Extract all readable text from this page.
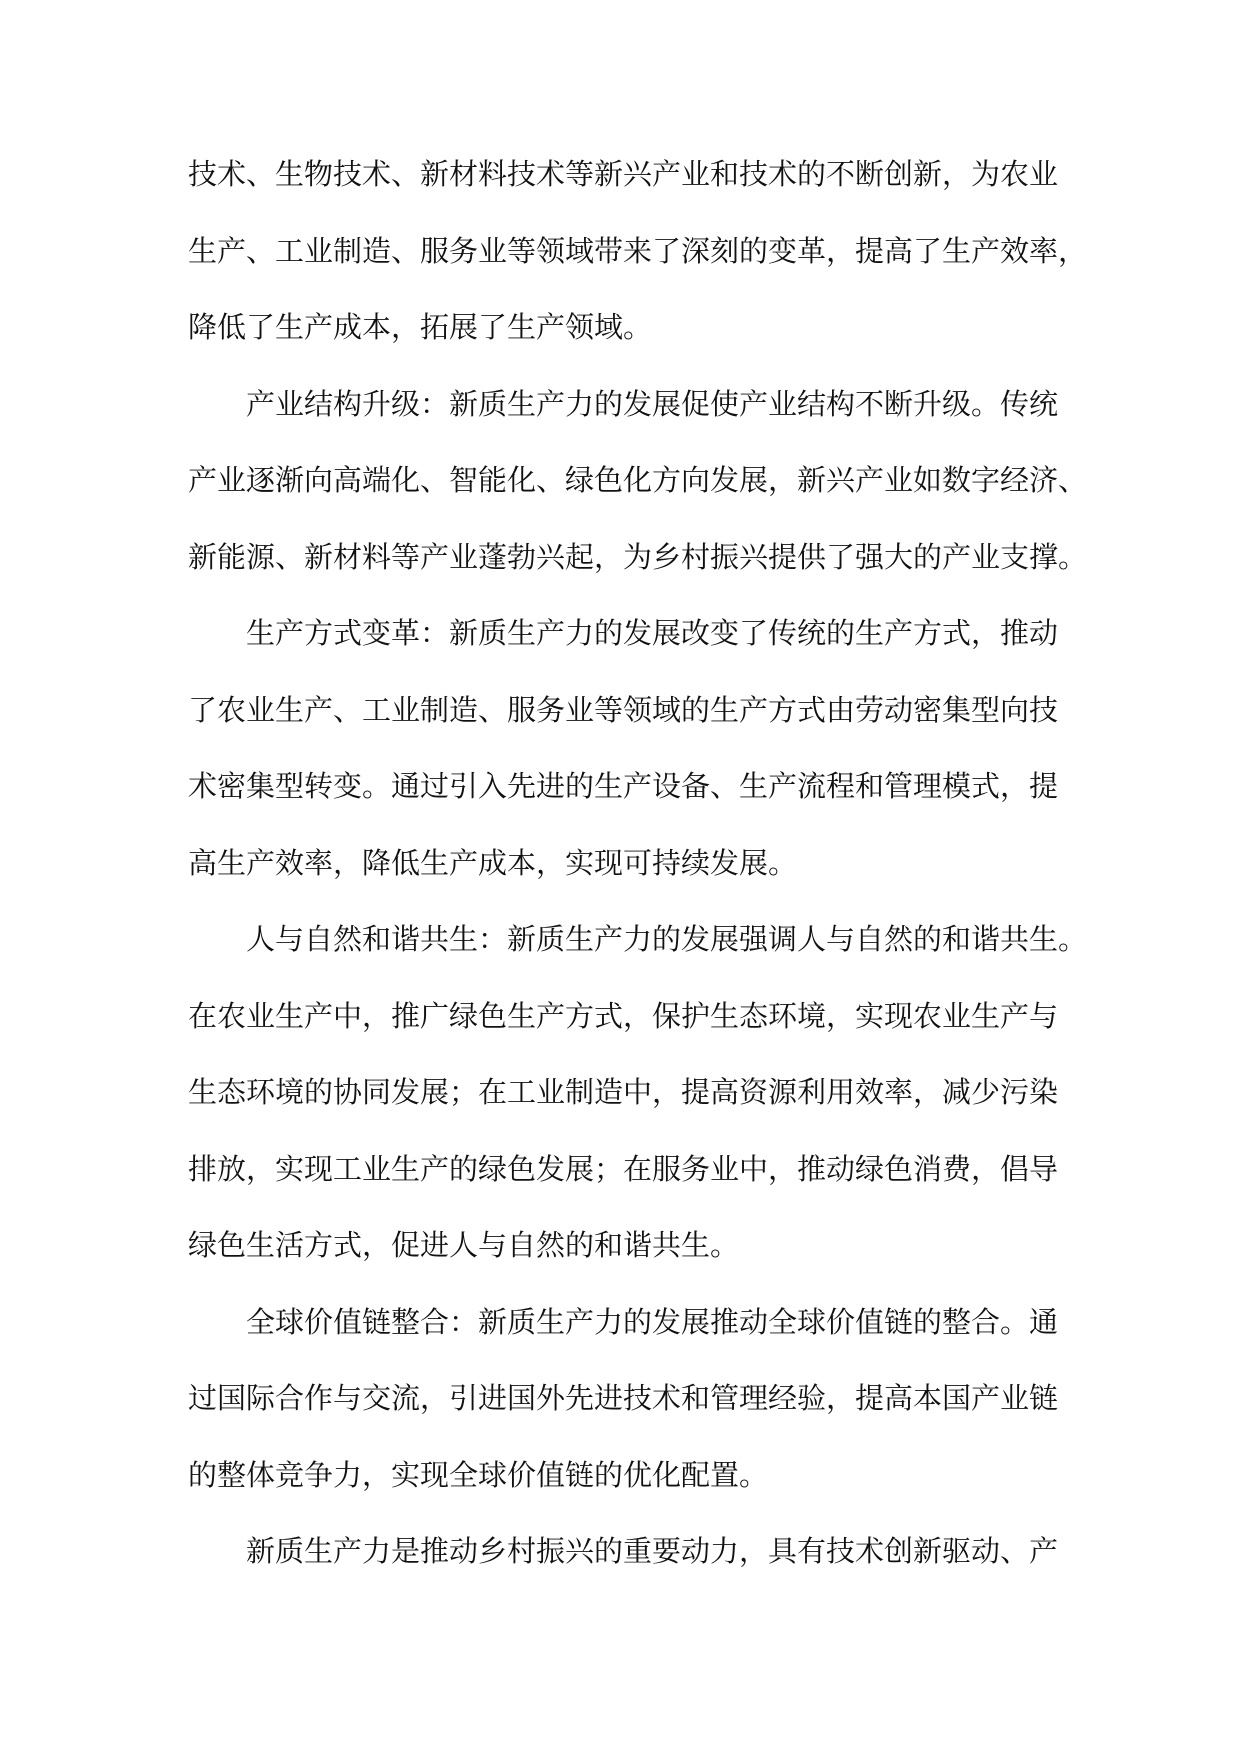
技术、生物技术、新材料技术等新兴产业和技术的不断创新，为农业
生产、工业制造、服务业等领域带来了深刻的变革，提高了生产效率，
降低了生产成本，拓展了生产领域。
产业结构升级：新质生产力的发展促使产业结构不断升级。传统
产业逐渐向高端化、智能化、绿色化方向发展，新兴产业如数字经济、
新能源、新材料等产业蓬勃兴起，为乡村振兴提供了强大的产业支撑。
生产方式变革：新质生产力的发展改变了传统的生产方式，推动
了农业生产、工业制造、服务业等领域的生产方式由劳动密集型向技
术密集型转变。通过引入先进的生产设备、生产流程和管理模式，提
高生产效率，降低生产成本，实现可持续发展。
人与自然和谐共生：新质生产力的发展强调人与自然的和谐共生。
在农业生产中，推广绿色生产方式，保护生态环境，实现农业生产与
生态环境的协同发展；在工业制造中，提高资源利用效率，减少污染
排放，实现工业生产的绿色发展；在服务业中，推动绿色消费，倡导
绿色生活方式，促进人与自然的和谐共生。
全球价值链整合：新质生产力的发展推动全球价值链的整合。通
过国际合作与交流，引进国外先进技术和管理经验，提高本国产业链
的整体竞争力，实现全球价值链的优化配置。
新质生产力是推动乡村振兴的重要动力，具有技术创新驱动、产
